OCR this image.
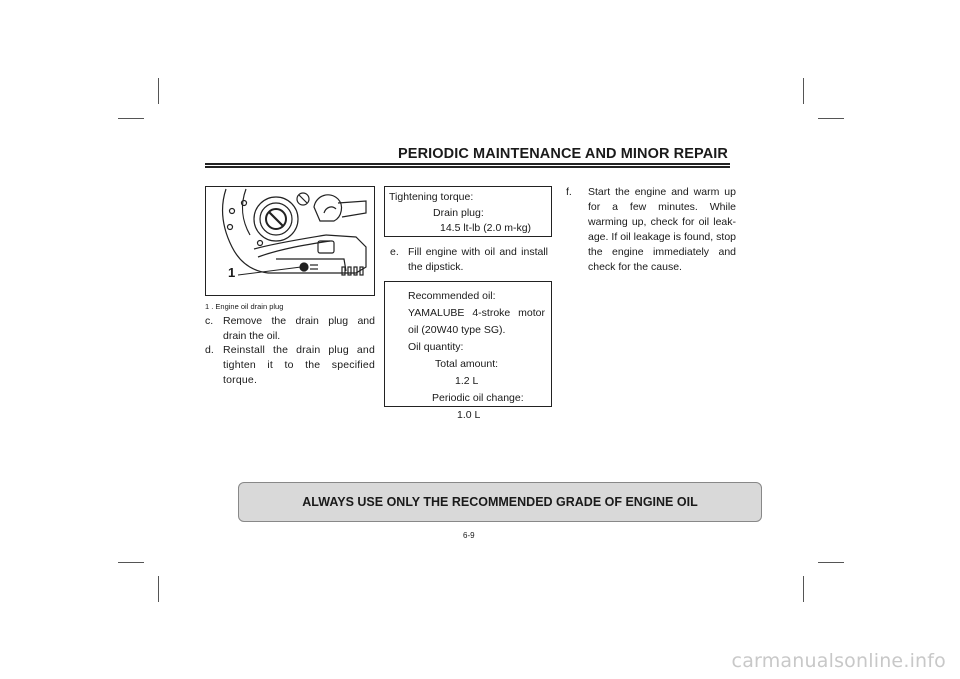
PERIODIC MAINTENANCE AND MINOR REPAIR
1
1 . Engine oil drain plug
c. Remove the drain plug and drain the oil.
d. Reinstall the drain plug and tighten it to the specified torque.
Tightening torque:
Drain plug:
14.5 lt-lb (2.0 m-kg)
e. Fill engine with oil and install the dipstick.
Recommended oil:
YAMALUBE 4-stroke motor oil (20W40 type SG).
Oil quantity:
Total amount:
1.2 L
Periodic oil change:
1.0 L
f. Start the engine and warm up for a few minutes. While warming up, check for oil leak-age. If oil leakage is found, stop the engine immediately and check for the cause.
ALWAYS USE ONLY THE RECOMMENDED GRADE OF ENGINE OIL
6-9
carmanualsonline.info
